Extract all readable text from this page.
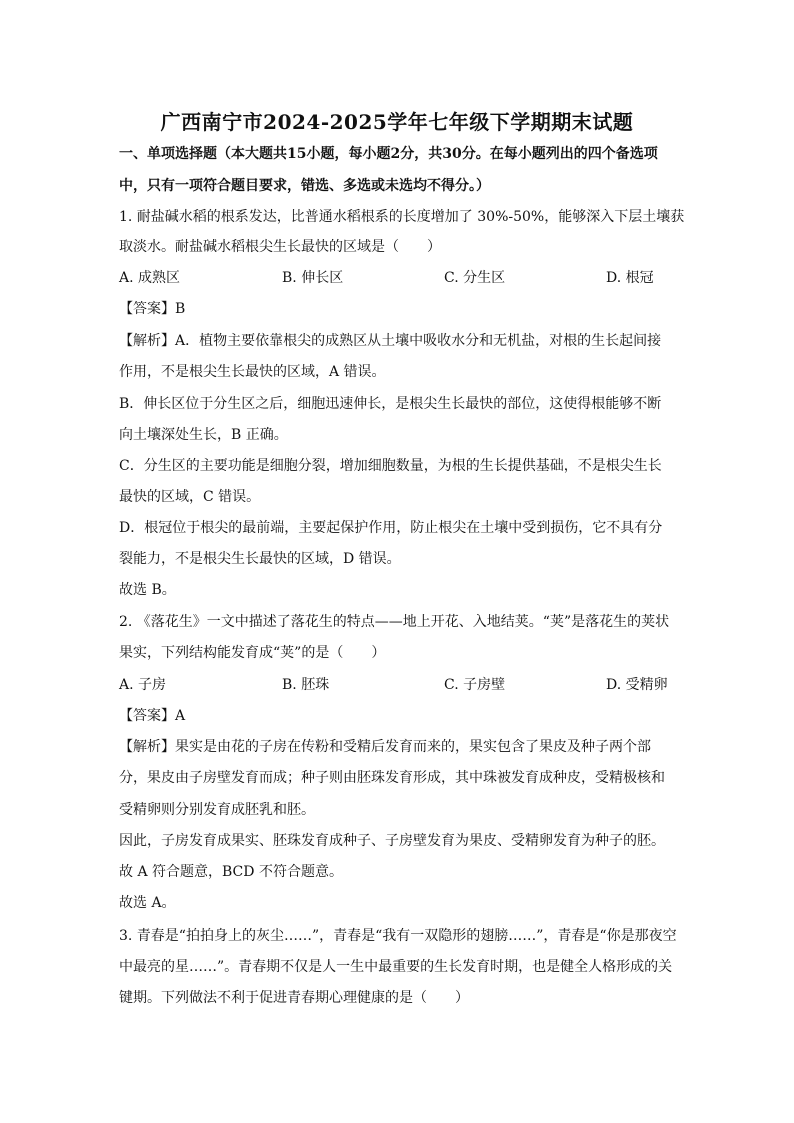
广西南宁市2024-2025学年七年级下学期期末试题
一、单项选择题（本大题共15小题，每小题2分，共30分。在每小题列出的四个备选项
中，只有一项符合题目要求，错选、多选或未选均不得分。）
1. 耐盐碱水稻的根系发达，比普通水稻根系的长度增加了 30%-50%，能够深入下层土壤获
取淡水。耐盐碱水稻根尖生长最快的区域是（　　）
A. 成熟区	B. 伸长区	C. 分生区	D. 根冠
【答案】B
【解析】A．植物主要依靠根尖的成熟区从土壤中吸收水分和无机盐，对根的生长起间接
作用，不是根尖生长最快的区域，A 错误。
B．伸长区位于分生区之后，细胞迅速伸长，是根尖生长最快的部位，这使得根能够不断
向土壤深处生长，B 正确。
C．分生区的主要功能是细胞分裂，增加细胞数量，为根的生长提供基础，不是根尖生长
最快的区域，C 错误。
D．根冠位于根尖的最前端，主要起保护作用，防止根尖在土壤中受到损伤，它不具有分
裂能力，不是根尖生长最快的区域，D 错误。
故选 B。
2. 《落花生》一文中描述了落花生的特点——地上开花、入地结荚。“荚”是落花生的荚状
果实，下列结构能发育成“荚”的是（　　）
A. 子房	B. 胚珠	C. 子房壁	D. 受精卵
【答案】A
【解析】果实是由花的子房在传粉和受精后发育而来的，果实包含了果皮及种子两个部
分，果皮由子房壁发育而成；种子则由胚珠发育形成，其中珠被发育成种皮，受精极核和
受精卵则分别发育成胚乳和胚。
因此，子房发育成果实、胚珠发育成种子、子房壁发育为果皮、受精卵发育为种子的胚。
故 A 符合题意，BCD 不符合题意。
故选 A。
3. 青春是“拍拍身上的灰尘……”，青春是“我有一双隐形的翅膀……”，青春是“你是那夜空
中最亮的星……”。青春期不仅是人一生中最重要的生长发育时期，也是健全人格形成的关
键期。下列做法不利于促进青春期心理健康的是（　　）
